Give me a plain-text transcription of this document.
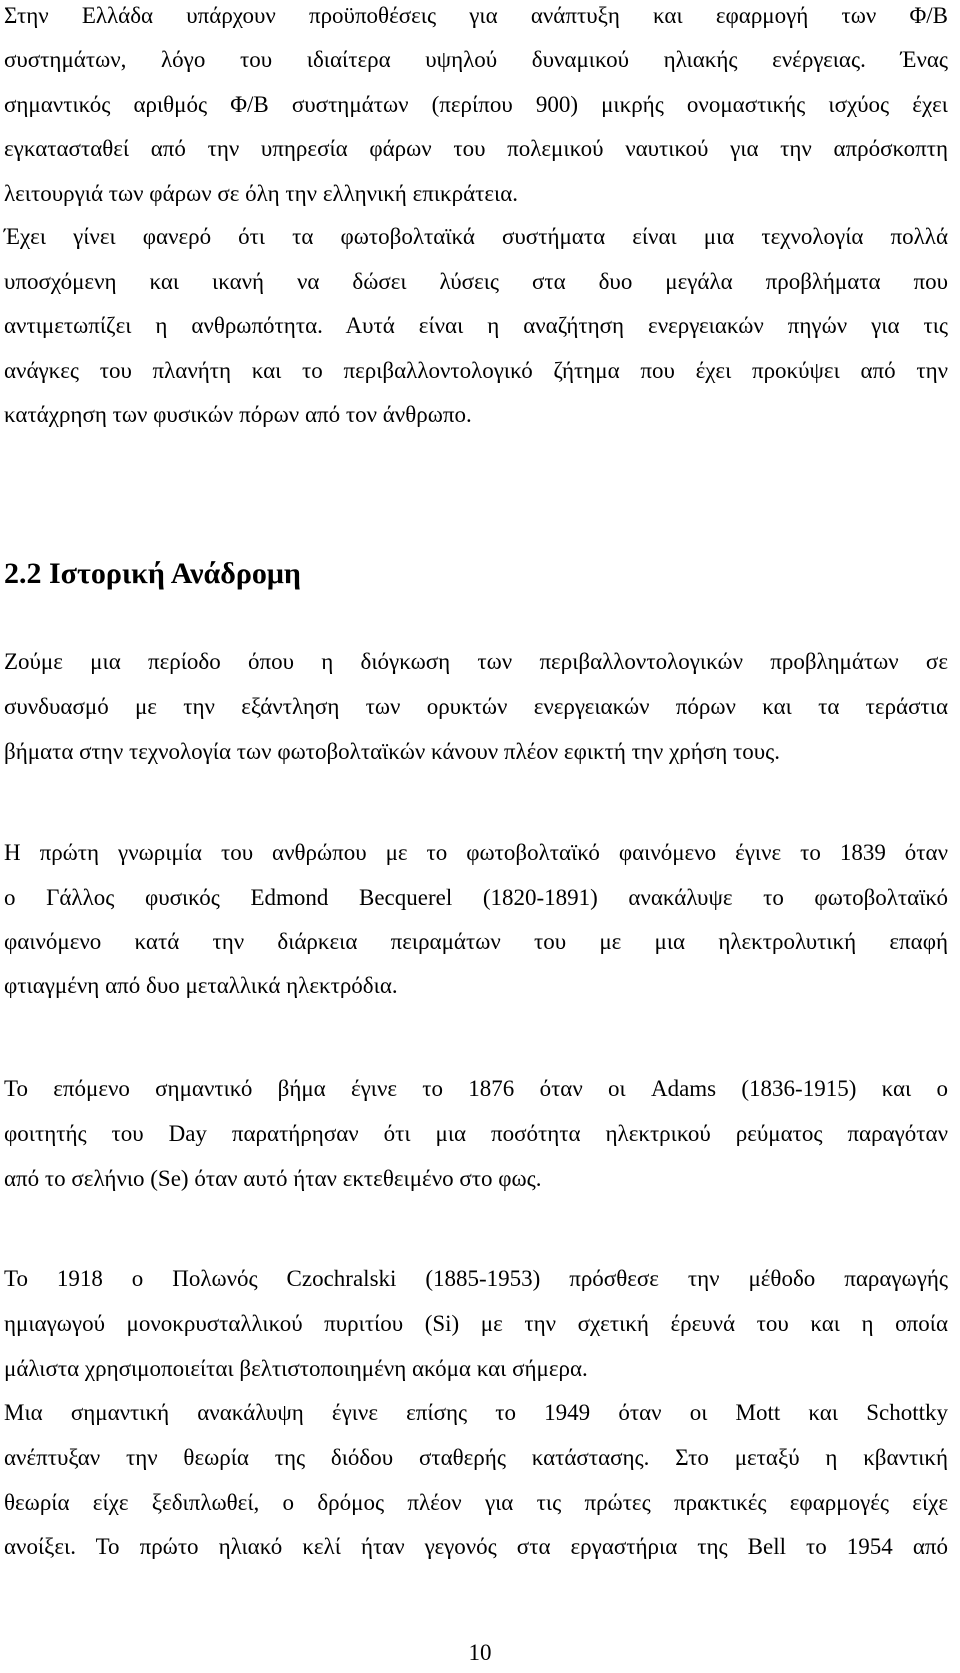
Στην Ελλάδα υπάρχουν προϋποθέσεις για ανάπτυξη και εφαρμογή των Φ/Β
συστημάτων, λόγο του ιδιαίτερα υψηλού δυναμικού ηλιακής ενέργειας. Ένας
σημαντικός αριθμός Φ/Β συστημάτων (περίπου 900) μικρής ονομαστικής ισχύος έχει
εγκατασταθεί από την υπηρεσία φάρων του πολεμικού ναυτικού για την απρόσκοπτη
λειτουργιά των φάρων σε όλη την ελληνική επικράτεια.
Έχει γίνει φανερό ότι τα φωτοβολταϊκά συστήματα είναι μια τεχνολογία πολλά
υποσχόμενη και ικανή να δώσει λύσεις στα δυο μεγάλα προβλήματα που
αντιμετωπίζει η ανθρωπότητα. Αυτά είναι η αναζήτηση ενεργειακών πηγών για τις
ανάγκες του πλανήτη και το περιβαλλοντολογικό ζήτημα που έχει προκύψει από την
κατάχρηση των φυσικών πόρων από τον άνθρωπο.
2.2 Ιστορική Ανάδρομη
Ζούμε μια περίοδο όπου η διόγκωση των περιβαλλοντολογικών προβλημάτων σε
συνδυασμό με την εξάντληση των ορυκτών ενεργειακών πόρων και τα τεράστια
βήματα στην τεχνολογία των φωτοβολταϊκών κάνουν πλέον εφικτή την χρήση τους.
Η πρώτη γνωριμία του ανθρώπου με το φωτοβολταϊκό φαινόμενο έγινε το 1839 όταν
ο Γάλλος φυσικός Edmond Becquerel (1820-1891) ανακάλυψε το φωτοβολταϊκό
φαινόμενο κατά την διάρκεια πειραμάτων του με μια ηλεκτρολυτική επαφή
φτιαγμένη από δυο μεταλλικά ηλεκτρόδια.
Το επόμενο σημαντικό βήμα έγινε το 1876 όταν οι Adams (1836-1915) και ο
φοιτητής του Day παρατήρησαν ότι μια ποσότητα ηλεκτρικού ρεύματος παραγόταν
από το σελήνιο (Se) όταν αυτό ήταν εκτεθειμένο στο φως.
Το 1918 ο Πολωνός Czochralski (1885-1953) πρόσθεσε την μέθοδο παραγωγής
ημιαγωγού μονοκρυσταλλικού πυριτίου (Si) με την σχετική έρευνά του και η οποία
μάλιστα χρησιμοποιείται βελτιστοποιημένη ακόμα και σήμερα.
Μια σημαντική ανακάλυψη έγινε επίσης το 1949 όταν οι Mott και Schottky
ανέπτυξαν την θεωρία της διόδου σταθερής κατάστασης. Στο μεταξύ η κβαντική
θεωρία είχε ξεδιπλωθεί, ο δρόμος πλέον για τις πρώτες πρακτικές εφαρμογές είχε
ανοίξει. Το πρώτο ηλιακό κελί ήταν γεγονός στα εργαστήρια της Bell το 1954 από
10
